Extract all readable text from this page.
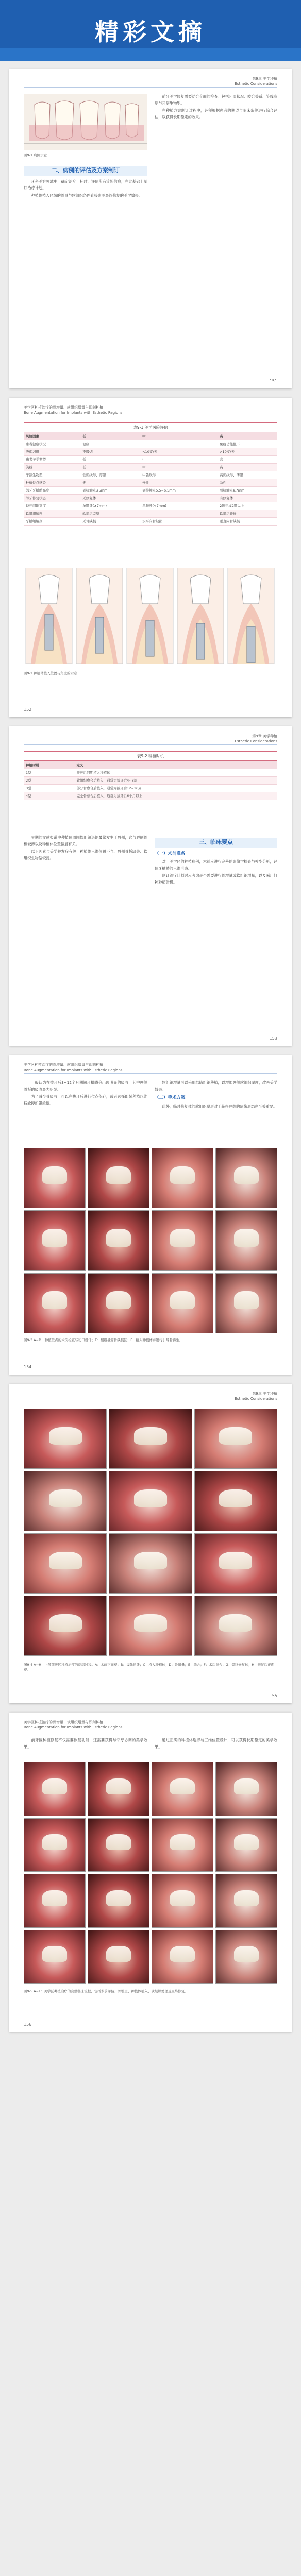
精彩文摘
第9章 美学种植
Esthetic Considerations
图9-1 病例示意
二、病例的评估及方案制订

牙科美容领域中，确定治疗目标时，评估所有诊断信息，在此基础上制订治疗计划。

种植体植入区域的骨量与软组织条件直接影响最终修复的美学效果。

前牙美学修复需要结合全面的检查：包括牙周状况、咬合关系、笑线高度与牙龈生物型。

在种植方案制订过程中，必须根据患者的期望与临床条件进行综合评估，以获得长期稳定的效果。

151
美学区种植治疗的骨增量、软组织增量与即刻种植
Bone Augmentation for Implants with Esthetic Regions
表9-1 美学风险评估
风险因素	低	中	高
患者健康状况	健康		免疫功能低下
吸烟习惯	不吸烟	<10支/天	>10支/天
患者美学期望	低	中	高
笑线	低	中	高
牙龈生物型	低弧线形、厚龈	中弧线形	高弧线形、薄龈
种植位点感染	无	慢性	急性
邻牙牙槽嵴高度	到接触点≤5mm	到接触点5.5~6.5mm	到接触点≥7mm
邻牙修复状态	无修复体		有修复体
缺牙间隙宽度	单颗牙(≥7mm)	单颗牙(<7mm)	2颗牙或2颗以上
软组织解剖	软组织完整		软组织缺损
牙槽嵴解剖	无骨缺损	水平向骨缺损	垂直向骨缺损
图9-2 种植体植入位置与角度的示意
152
第9章 美学种植
Esthetic Considerations
表9-2 种植时机
种植时机	定义
1型	拔牙后同期植入种植体
2型	软组织愈合后植入，通常为拔牙后4~8周
3型	部分骨愈合后植入，通常为拔牙后12~16周
4型	完全骨愈合后植入，通常为拔牙后6个月以上

早期的文献报道中种植体周围软组织退缩最常发生于唇侧，这与唇侧骨板较薄以及种植体位置偏唇有关。

以下因素与美学并发症有关：种植体三维位置不当、唇侧骨板缺失、软组织生物型较薄。

三、临床要点
（一）术前准备

对于美学区的种植病例，术前应进行完善的影像学检查与模型分析，评估牙槽嵴的三维形态。

制订治疗计划时应考虑是否需要进行骨增量或软组织增量，以及采用何种种植时机。

153
美学区种植治疗的骨增量、软组织增量与即刻种植
Bone Augmentation for Implants with Esthetic Regions

一般认为在拔牙后3~12个月期间牙槽嵴会出现明显的吸收，其中唇侧骨板的吸收最为明显。

为了减少骨吸收，可以在拔牙后进行位点保存，或者选择即刻种植以维持软硬组织轮廓。

软组织增量可以采用结缔组织移植，以增加唇侧软组织厚度，改善美学效果。

（二）手术方案

此外，临时修复体的软组织塑形对于获得理想的龈缘形态也至关重要。

图9-3 A~D：种植位点的术前检查与切口设计；E：翻瓣暴露骨缺损区；F：植入种植体并进行引导骨再生。
154
第9章 美学种植
Esthetic Considerations
图9-4 A~H：上颌前牙区种植治疗的临床过程。A：术前正面观；B：拔除患牙；C：植入种植体；D：骨增量；E：缝合；F：术后愈合；G：最终修复体；H：修复后正面观。
155
美学区种植治疗的骨增量、软组织增量与即刻种植
Bone Augmentation for Implants with Esthetic Regions

前牙区种植修复不仅需要恢复功能，还需要获得与邻牙协调的美学效果。

通过正确的种植体选择与三维位置设计，可以获得长期稳定的美学效果。

图9-5 A~L：美学区种植治疗的完整临床流程，包括术前评估、骨增量、种植体植入、软组织处理及最终修复。
156
